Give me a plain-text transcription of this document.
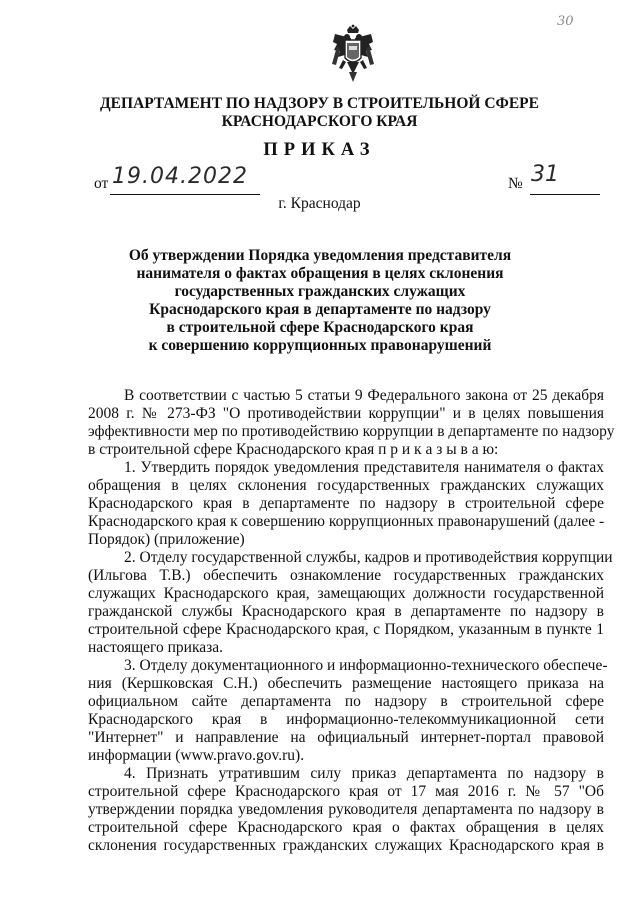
30
ДЕПАРТАМЕНТ ПО НАДЗОРУ В СТРОИТЕЛЬНОЙ СФЕРЕ
КРАСНОДАРСКОГО КРАЯ
ПРИКАЗ
от 19.04.2022	№ 31
г. Краснодар
Об утверждении Порядка уведомления представителя
нанимателя о фактах обращения в целях склонения
государственных гражданских служащих
Краснодарского края в департаменте по надзору
в строительной сфере Краснодарского края
к совершению коррупционных правонарушений
В соответствии с частью 5 статьи 9 Федерального закона от 25 декабря
2008 г. № 273-ФЗ "О противодействии коррупции" и в целях повышения
эффективности мер по противодействию коррупции в департаменте по надзору
в строительной сфере Краснодарского края п р и к а з ы в а ю:
1. Утвердить порядок уведомления представителя нанимателя о фактах
обращения в целях склонения государственных гражданских служащих
Краснодарского края в департаменте по надзору в строительной сфере
Краснодарского края к совершению коррупционных правонарушений (далее -
Порядок) (приложение)
2. Отделу государственной службы, кадров и противодействия коррупции
(Ильгова Т.В.) обеспечить ознакомление государственных гражданских
служащих Краснодарского края, замещающих должности государственной
гражданской службы Краснодарского края в департаменте по надзору в
строительной сфере Краснодарского края, с Порядком, указанным в пункте 1
настоящего приказа.
3. Отделу документационного и информационно-технического обеспече-
ния (Кершковская С.Н.) обеспечить размещение настоящего приказа на
официальном сайте департамента по надзору в строительной сфере
Краснодарского края в информационно-телекоммуникационной сети
"Интернет" и направление на официальный интернет-портал правовой
информации (www.pravo.gov.ru).
4. Признать утратившим силу приказ департамента по надзору в
строительной сфере Краснодарского края от 17 мая 2016 г. № 57 "Об
утверждении порядка уведомления руководителя департамента по надзору в
строительной сфере Краснодарского края о фактах обращения в целях
склонения государственных гражданских служащих Краснодарского края в
